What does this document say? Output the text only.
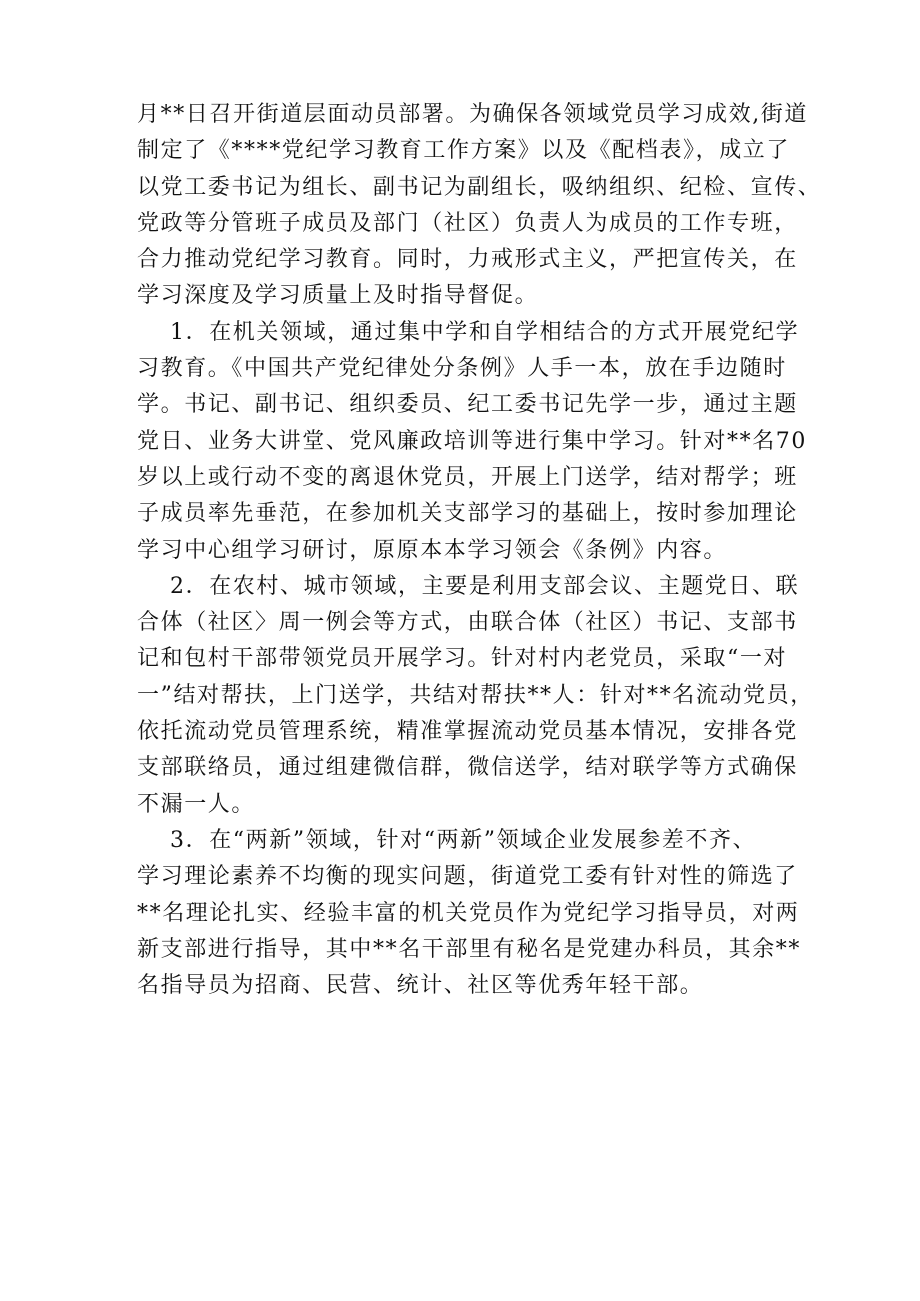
月**日召开街道层面动员部署。为确保各领域党员学习成效,街道
制定了《****党纪学习教育工作方案》以及《配档表》，成立了
以党工委书记为组长、副书记为副组长，吸纳组织、纪检、宣传、
党政等分管班子成员及部门（社区）负责人为成员的工作专班，
合力推动党纪学习教育。同时，力戒形式主义，严把宣传关，在
学习深度及学习质量上及时指导督促。
1．在机关领域，通过集中学和自学相结合的方式开展党纪学
习教育。《中国共产党纪律处分条例》人手一本，放在手边随时
学。书记、副书记、组织委员、纪工委书记先学一步，通过主题
党日、业务大讲堂、党风廉政培训等进行集中学习。针对**名70
岁以上或行动不变的离退休党员，开展上门送学，结对帮学；班
子成员率先垂范，在参加机关支部学习的基础上，按时参加理论
学习中心组学习研讨，原原本本学习领会《条例》内容。
2．在农村、城市领域，主要是利用支部会议、主题党日、联
合体（社区〉周一例会等方式，由联合体（社区）书记、支部书
记和包村干部带领党员开展学习。针对村内老党员，采取“一对
一”结对帮扶，上门送学，共结对帮扶**人：针对**名流动党员，
依托流动党员管理系统，精准掌握流动党员基本情况，安排各党
支部联络员，通过组建微信群，微信送学，结对联学等方式确保
不漏一人。
3．在“两新”领域，针对“两新”领域企业发展参差不齐、
学习理论素养不均衡的现实问题，街道党工委有针对性的筛选了
**名理论扎实、经验丰富的机关党员作为党纪学习指导员，对两
新支部进行指导，其中**名干部里有秘名是党建办科员，其余**
名指导员为招商、民营、统计、社区等优秀年轻干部。
